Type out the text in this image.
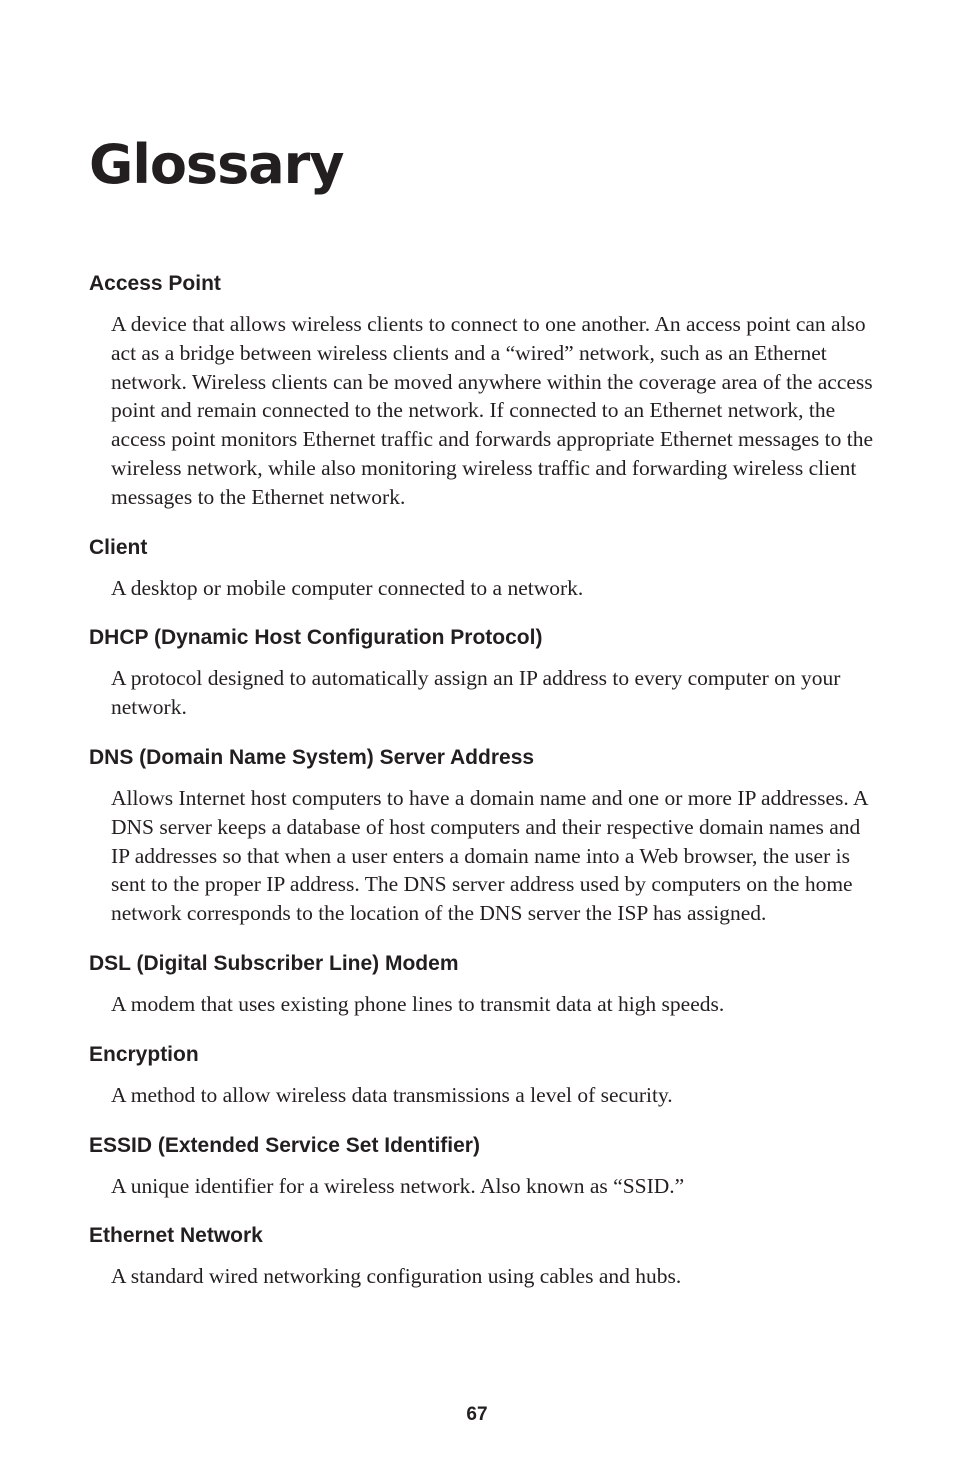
Glossary
Access Point
A device that allows wireless clients to connect to one another. An access point can also act as a bridge between wireless clients and a “wired” network, such as an Ethernet network. Wireless clients can be moved anywhere within the coverage area of the access point and remain connected to the network. If connected to an Ethernet network, the access point monitors Ethernet traffic and forwards appropriate Ethernet messages to the wireless network, while also monitoring wireless traffic and forwarding wireless client messages to the Ethernet network.
Client
A desktop or mobile computer connected to a network.
DHCP (Dynamic Host Configuration Protocol)
A protocol designed to automatically assign an IP address to every computer on your network.
DNS (Domain Name System) Server Address
Allows Internet host computers to have a domain name and one or more IP addresses. A DNS server keeps a database of host computers and their respective domain names and IP addresses so that when a user enters a domain name into a Web browser, the user is sent to the proper IP address. The DNS server address used by computers on the home network corresponds to the location of the DNS server the ISP has assigned.
DSL (Digital Subscriber Line) Modem
A modem that uses existing phone lines to transmit data at high speeds.
Encryption
A method to allow wireless data transmissions a level of security.
ESSID (Extended Service Set Identifier)
A unique identifier for a wireless network. Also known as “SSID.”
Ethernet Network
A standard wired networking configuration using cables and hubs.
67
